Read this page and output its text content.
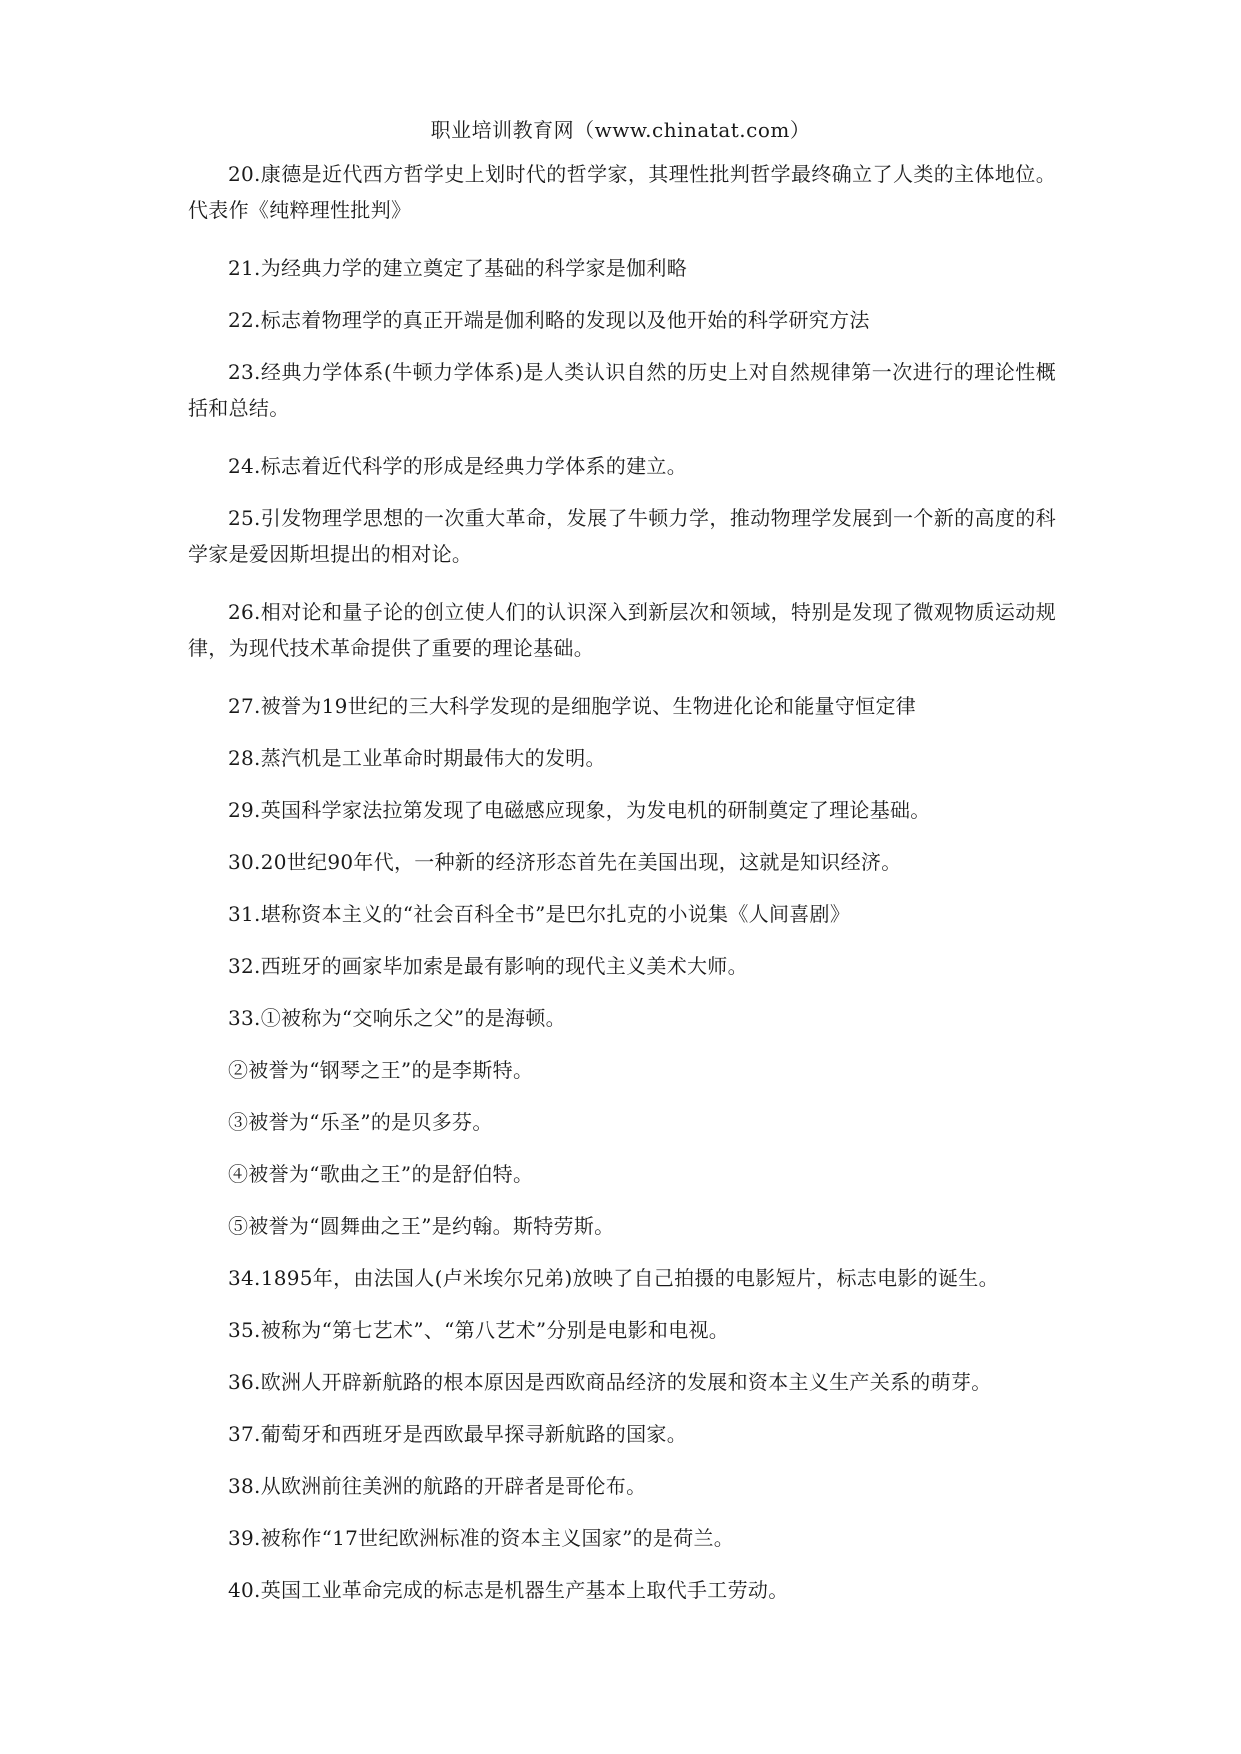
职业培训教育网（www.chinatat.com）

20.康德是近代西方哲学史上划时代的哲学家，其理性批判哲学最终确立了人类的主体地位。代表作《纯粹理性批判》

21.为经典力学的建立奠定了基础的科学家是伽利略

22.标志着物理学的真正开端是伽利略的发现以及他开始的科学研究方法

23.经典力学体系(牛顿力学体系)是人类认识自然的历史上对自然规律第一次进行的理论性概括和总结。

24.标志着近代科学的形成是经典力学体系的建立。

25.引发物理学思想的一次重大革命，发展了牛顿力学，推动物理学发展到一个新的高度的科学家是爱因斯坦提出的相对论。

26.相对论和量子论的创立使人们的认识深入到新层次和领域，特别是发现了微观物质运动规律，为现代技术革命提供了重要的理论基础。

27.被誉为19世纪的三大科学发现的是细胞学说、生物进化论和能量守恒定律

28.蒸汽机是工业革命时期最伟大的发明。

29.英国科学家法拉第发现了电磁感应现象，为发电机的研制奠定了理论基础。

30.20世纪90年代，一种新的经济形态首先在美国出现，这就是知识经济。

31.堪称资本主义的“社会百科全书”是巴尔扎克的小说集《人间喜剧》

32.西班牙的画家毕加索是最有影响的现代主义美术大师。

33.①被称为“交响乐之父”的是海顿。

②被誉为“钢琴之王”的是李斯特。

③被誉为“乐圣”的是贝多芬。

④被誉为“歌曲之王”的是舒伯特。

⑤被誉为“圆舞曲之王”是约翰。斯特劳斯。

34.1895年，由法国人(卢米埃尔兄弟)放映了自己拍摄的电影短片，标志电影的诞生。

35.被称为“第七艺术”、“第八艺术”分别是电影和电视。

36.欧洲人开辟新航路的根本原因是西欧商品经济的发展和资本主义生产关系的萌芽。

37.葡萄牙和西班牙是西欧最早探寻新航路的国家。

38.从欧洲前往美洲的航路的开辟者是哥伦布。

39.被称作“17世纪欧洲标准的资本主义国家”的是荷兰。

40.英国工业革命完成的标志是机器生产基本上取代手工劳动。
